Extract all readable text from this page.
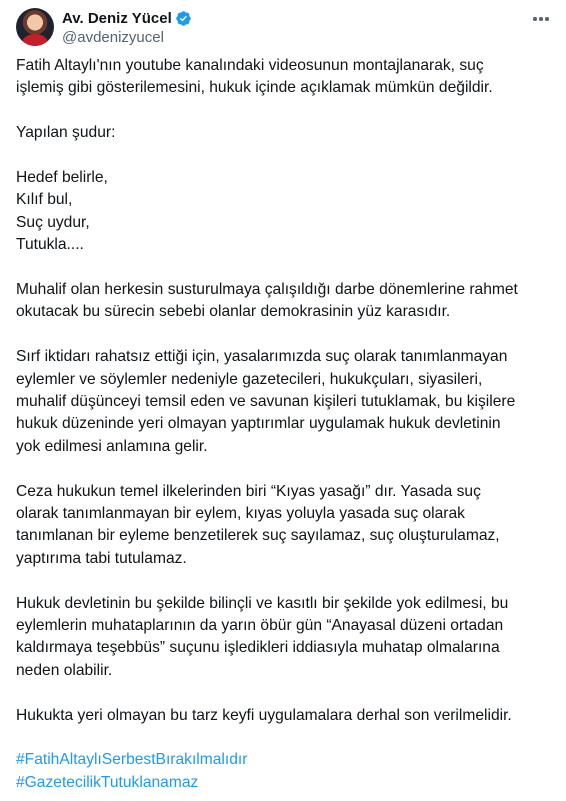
Av. Deniz Yücel
@avdenizyucel

Fatih Altaylı'nın youtube kanalındaki videosunun montajlanarak, suç
işlemiş gibi gösterilemesini, hukuk içinde açıklamak mümkün değildir.

Yapılan şudur:

Hedef belirle,
Kılıf bul,
Suç uydur,
Tutukla....

Muhalif olan herkesin susturulmaya çalışıldığı darbe dönemlerine rahmet
okutacak bu sürecin sebebi olanlar demokrasinin yüz karasıdır.

Sırf iktidarı rahatsız ettiği için, yasalarımızda suç olarak tanımlanmayan
eylemler ve söylemler nedeniyle gazetecileri, hukukçuları, siyasileri,
muhalif düşünceyi temsil eden ve savunan kişileri tutuklamak, bu kişilere
hukuk düzeninde yeri olmayan yaptırımlar uygulamak hukuk devletinin
yok edilmesi anlamına gelir.

Ceza hukukun temel ilkelerinden biri “Kıyas yasağı” dır. Yasada suç
olarak tanımlanmayan bir eylem, kıyas yoluyla yasada suç olarak
tanımlanan bir eyleme benzetilerek suç sayılamaz, suç oluşturulamaz,
yaptırıma tabi tutulamaz.

Hukuk devletinin bu şekilde bilinçli ve kasıtlı bir şekilde yok edilmesi, bu
eylemlerin muhataplarının da yarın öbür gün “Anayasal düzeni ortadan
kaldırmaya teşebbüs” suçunu işledikleri iddiasıyla muhatap olmalarına
neden olabilir.

Hukukta yeri olmayan bu tarz keyfi uygulamalara derhal son verilmelidir.

#FatihAltaylıSerbestBırakılmalıdır
#GazetecilikTutuklanamaz
